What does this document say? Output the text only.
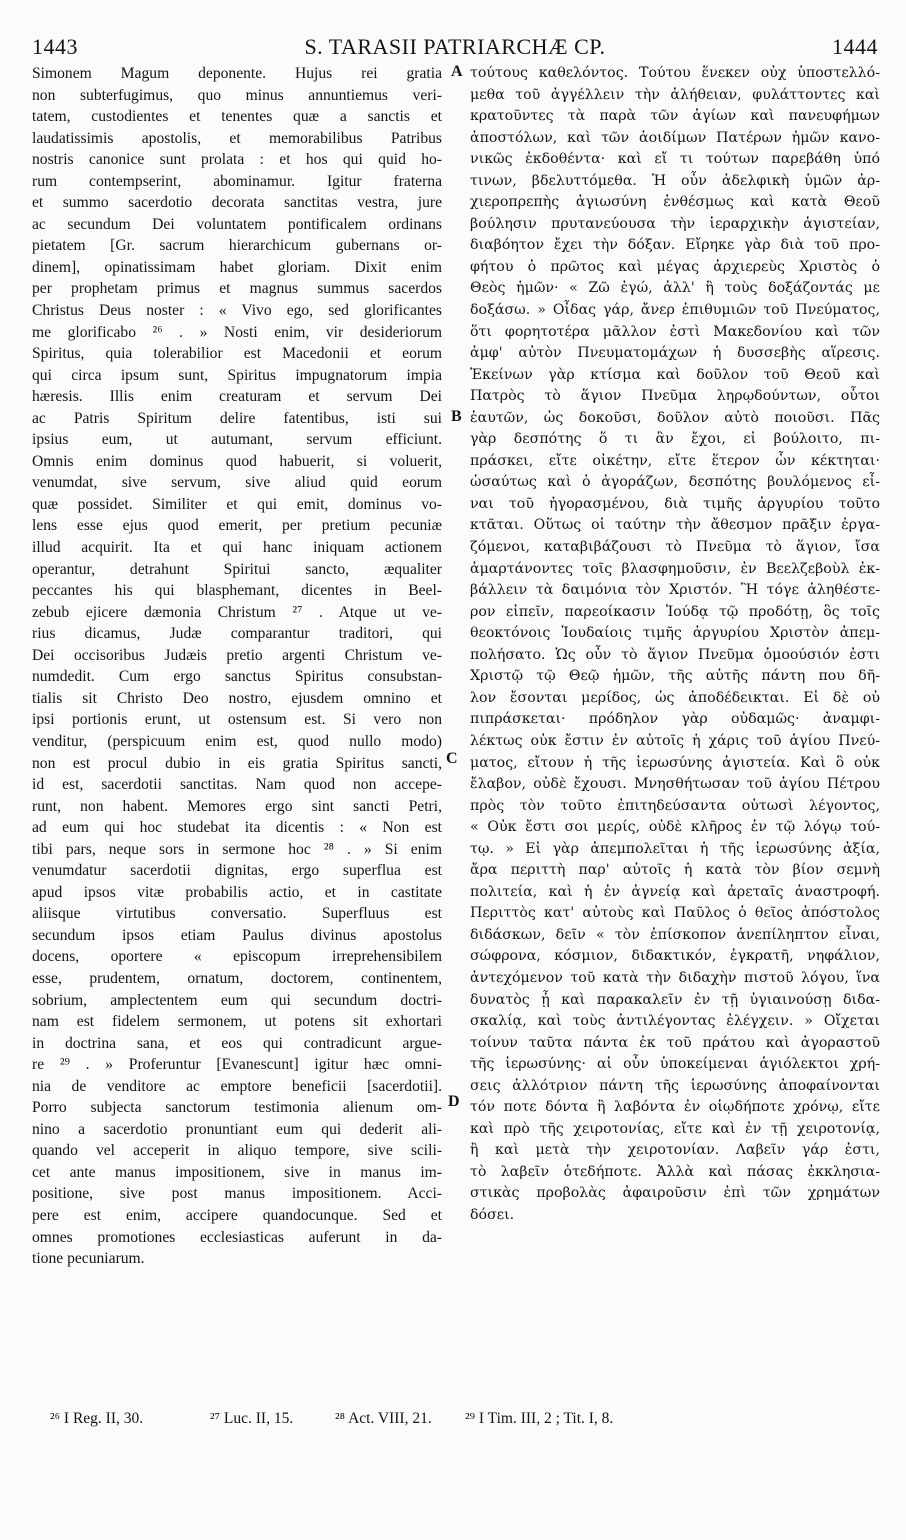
1443	S. TARASII PATRIARCHÆ CP.	1444
Simonem Magum deponente. Hujus rei gratia
non subterfugimus, quo minus annuntiemus veri-
tatem, custodientes et tenentes quæ a sanctis et
laudatissimis apostolis, et memorabilibus Patribus
nostris canonice sunt prolata : et hos qui quid ho-
rum contempserint, abominamur. Igitur fraterna
et summo sacerdotio decorata sanctitas vestra, jure
ac secundum Dei voluntatem pontificalem ordinans
pietatem [Gr. sacrum hierarchicum gubernans or-
dinem], opinatissimam habet gloriam. Dixit enim
per prophetam primus et magnus summus sacerdos
Christus Deus noster : « Vivo ego, sed glorificantes
me glorificabo ²⁶ . » Nosti enim, vir desideriorum
Spiritus, quia tolerabilior est Macedonii et eorum
qui circa ipsum sunt, Spiritus impugnatorum impia
hæresis. Illis enim creaturam et servum Dei
ac Patris Spiritum delire fatentibus, isti sui
ipsius eum, ut autumant, servum efficiunt.
Omnis enim dominus quod habuerit, si voluerit,
venumdat, sive servum, sive aliud quid eorum
quæ possidet. Similiter et qui emit, dominus vo-
lens esse ejus quod emerit, per pretium pecuniæ
illud acquirit. Ita et qui hanc iniquam actionem
operantur, detrahunt Spiritui sancto, æqualiter
peccantes his qui blasphemant, dicentes in Beel-
zebub ejicere dæmonia Christum ²⁷ . Atque ut ve-
rius dicamus, Judæ comparantur traditori, qui
Dei occisoribus Judæis pretio argenti Christum ve-
numdedit. Cum ergo sanctus Spiritus consubstan-
tialis sit Christo Deo nostro, ejusdem omnino et
ipsi portionis erunt, ut ostensum est. Si vero non
venditur, (perspicuum enim est, quod nullo modo)
non est procul dubio in eis gratia Spiritus sancti,
id est, sacerdotii sanctitas. Nam quod non accepe-
runt, non habent. Memores ergo sint sancti Petri,
ad eum qui hoc studebat ita dicentis : « Non est
tibi pars, neque sors in sermone hoc ²⁸ . » Si enim
venumdatur sacerdotii dignitas, ergo superflua est
apud ipsos vitæ probabilis actio, et in castitate
aliisque virtutibus conversatio. Superfluus est
secundum ipsos etiam Paulus divinus apostolus
docens, oportere « episcopum irreprehensibilem
esse, prudentem, ornatum, doctorem, continentem,
sobrium, amplectentem eum qui secundum doctri-
nam est fidelem sermonem, ut potens sit exhortari
in doctrina sana, et eos qui contradicunt argue-
re ²⁹ . » Proferuntur [Evanescunt] igitur hæc omni-
nia de venditore ac emptore beneficii [sacerdotii].
Porro subjecta sanctorum testimonia alienum om-
nino a sacerdotio pronuntiant eum qui dederit ali-
quando vel acceperit in aliquo tempore, sive scili-
cet ante manus impositionem, sive in manus im-
positione, sive post manus impositionem. Acci-
pere est enim, accipere quandocunque. Sed et
omnes promotiones ecclesiasticas auferunt in da-
tione pecuniarum.
τούτους καθελόντος. Τούτου ἕνεκεν οὐχ ὑποστελλό-
μεθα τοῦ ἀγγέλλειν τὴν ἀλήθειαν, φυλάττοντες καὶ
κρατοῦντες τὰ παρὰ τῶν ἁγίων καὶ πανευφήμων
ἀποστόλων, καὶ τῶν ἀοιδίμων Πατέρων ἡμῶν κανο-
νικῶς ἐκδοθέντα· καὶ εἴ τι τούτων παρεβάθη ὑπό
τινων, βδελυττόμεθα. Ἡ οὖν ἀδελφικὴ ὑμῶν ἀρ-
χιεροπρεπὴς ἁγιωσύνη ἐνθέσμως καὶ κατὰ Θεοῦ
βούλησιν πρυτανεύουσα τὴν ἱεραρχικὴν ἁγιστείαν,
διαβόητον ἔχει τὴν δόξαν. Εἴρηκε γὰρ διὰ τοῦ προ-
φήτου ὁ πρῶτος καὶ μέγας ἀρχιερεὺς Χριστὸς ὁ
Θεὸς ἡμῶν· « Ζῶ ἐγώ, ἀλλ' ἢ τοὺς δοξάζοντάς με
δοξάσω. » Οἶδας γάρ, ἄνερ ἐπιθυμιῶν τοῦ Πνεύματος,
ὅτι φορητοτέρα μᾶλλον ἐστὶ Μακεδονίου καὶ τῶν
ἀμφ' αὐτὸν Πνευματομάχων ἡ δυσσεβὴς αἵρεσις.
Ἐκείνων γὰρ κτίσμα καὶ δοῦλον τοῦ Θεοῦ καὶ
Πατρὸς τὸ ἅγιον Πνεῦμα ληρῳδούντων, οὗτοι
ἑαυτῶν, ὡς δοκοῦσι, δοῦλον αὐτὸ ποιοῦσι. Πᾶς
γὰρ δεσπότης ὅ τι ἂν ἔχοι, εἰ βούλοιτο, πι-
πράσκει, εἴτε οἰκέτην, εἴτε ἕτερον ὧν κέκτηται·
ὡσαύτως καὶ ὁ ἀγοράζων, δεσπότης βουλόμενος εἶ-
ναι τοῦ ἠγορασμένου, διὰ τιμῆς ἀργυρίου τοῦτο
κτᾶται. Οὕτως οἱ ταύτην τὴν ἄθεσμον πρᾶξιν ἐργα-
ζόμενοι, καταβιβάζουσι τὸ Πνεῦμα τὸ ἅγιον, ἴσα
ἁμαρτάνοντες τοῖς βλασφημοῦσιν, ἐν Βεελζεβοὺλ ἐκ-
βάλλειν τὰ δαιμόνια τὸν Χριστόν. Ἢ τόγε ἀληθέστε-
ρον εἰπεῖν, παρεοίκασιν Ἰούδᾳ τῷ προδότῃ, ὃς τοῖς
θεοκτόνοις Ἰουδαίοις τιμῆς ἀργυρίου Χριστὸν ἀπεμ-
πολήσατο. Ὡς οὖν τὸ ἅγιον Πνεῦμα ὁμοούσιόν ἐστι
Χριστῷ τῷ Θεῷ ἡμῶν, τῆς αὐτῆς πάντη που δῆ-
λον ἔσονται μερίδος, ὡς ἀποδέδεικται. Εἰ δὲ οὐ
πιπράσκεται· πρόδηλον γὰρ οὐδαμῶς· ἀναμφι-
λέκτως οὐκ ἔστιν ἐν αὐτοῖς ἡ χάρις τοῦ ἁγίου Πνεύ-
ματος, εἴτουν ἡ τῆς ἱερωσύνης ἁγιστεία. Καὶ ὃ οὐκ
ἔλαβον, οὐδὲ ἔχουσι. Μνησθήτωσαν τοῦ ἁγίου Πέτρου
πρὸς τὸν τοῦτο ἐπιτηδεύσαντα οὑτωσὶ λέγοντος,
« Οὐκ ἔστι σοι μερίς, οὐδὲ κλῆρος ἐν τῷ λόγῳ τού-
τῳ. » Εἰ γὰρ ἀπεμπολεῖται ἡ τῆς ἱερωσύνης ἀξία,
ἄρα περιττὴ παρ' αὐτοῖς ἡ κατὰ τὸν βίον σεμνὴ
πολιτεία, καὶ ἡ ἐν ἁγνείᾳ καὶ ἀρεταῖς ἀναστροφή.
Περιττὸς κατ' αὐτοὺς καὶ Παῦλος ὁ θεῖος ἀπόστολος
διδάσκων, δεῖν « τὸν ἐπίσκοπον ἀνεπίληπτον εἶναι,
σώφρονα, κόσμιον, διδακτικόν, ἐγκρατῆ, νηφάλιον,
ἀντεχόμενον τοῦ κατὰ τὴν διδαχὴν πιστοῦ λόγου, ἵνα
δυνατὸς ᾖ καὶ παρακαλεῖν ἐν τῇ ὑγιαινούσῃ διδα-
σκαλίᾳ, καὶ τοὺς ἀντιλέγοντας ἐλέγχειν. » Οἴχεται
τοίνυν ταῦτα πάντα ἐκ τοῦ πράτου καὶ ἀγοραστοῦ
τῆς ἱερωσύνης· αἱ οὖν ὑποκείμεναι ἁγιόλεκτοι χρή-
σεις ἀλλότριον πάντη τῆς ἱερωσύνης ἀποφαίνονται
τόν ποτε δόντα ἢ λαβόντα ἐν οἱῳδήποτε χρόνῳ, εἴτε
καὶ πρὸ τῆς χειροτονίας, εἴτε καὶ ἐν τῇ χειροτονίᾳ,
ἢ καὶ μετὰ τὴν χειροτονίαν. Λαβεῖν γάρ ἐστι,
τὸ λαβεῖν ὁτεδήποτε. Ἀλλὰ καὶ πάσας ἐκκλησια-
στικὰς προβολὰς ἀφαιροῦσιν ἐπὶ τῶν χρημάτων
δόσει.
A
B
C
D
²⁶ I Reg. II, 30.	²⁷ Luc. II, 15.	²⁸ Act. VIII, 21. ²⁹ I Tim. III, 2 ; Tit. I, 8.
